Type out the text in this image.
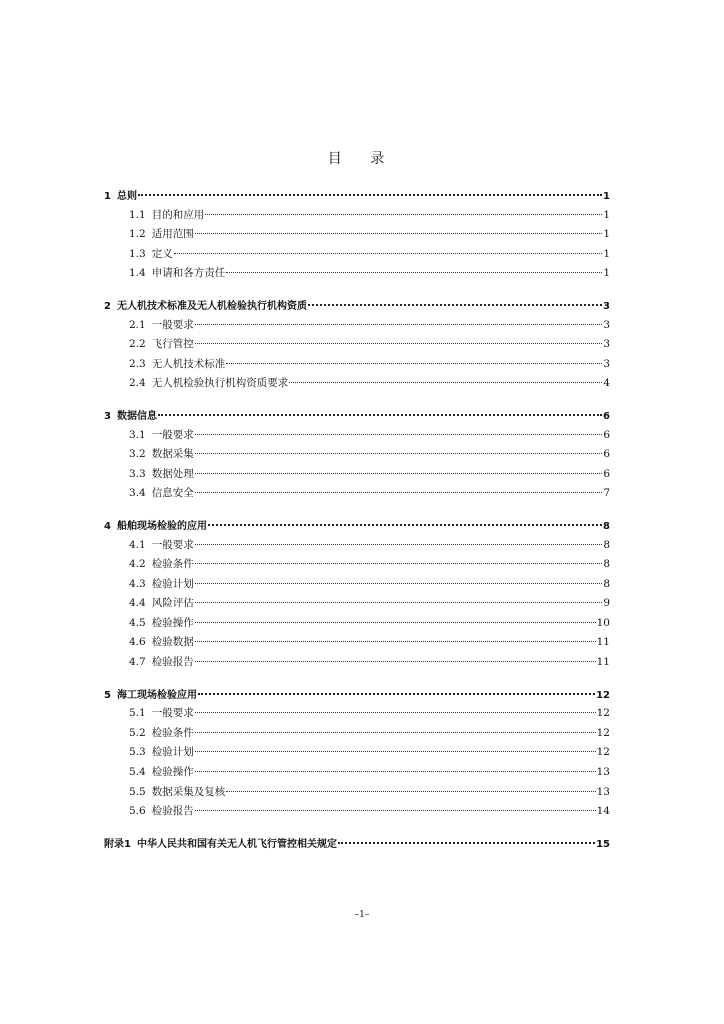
目 录
1 总则	1
1.1 目的和应用	1
1.2 适用范围	1
1.3 定义	1
1.4 申请和各方责任	1
2 无人机技术标准及无人机检验执行机构资质	3
2.1 一般要求	3
2.2 飞行管控	3
2.3 无人机技术标准	3
2.4 无人机检验执行机构资质要求	4
3 数据信息	6
3.1 一般要求	6
3.2 数据采集	6
3.3 数据处理	6
3.4 信息安全	7
4 船舶现场检验的应用	8
4.1 一般要求	8
4.2 检验条件	8
4.3 检验计划	8
4.4 风险评估	9
4.5 检验操作	10
4.6 检验数据	11
4.7 检验报告	11
5 海工现场检验应用	12
5.1 一般要求	12
5.2 检验条件	12
5.3 检验计划	12
5.4 检验操作	13
5.5 数据采集及复核	13
5.6 检验报告	14
附录1 中华人民共和国有关无人机飞行管控相关规定	15
–1–
